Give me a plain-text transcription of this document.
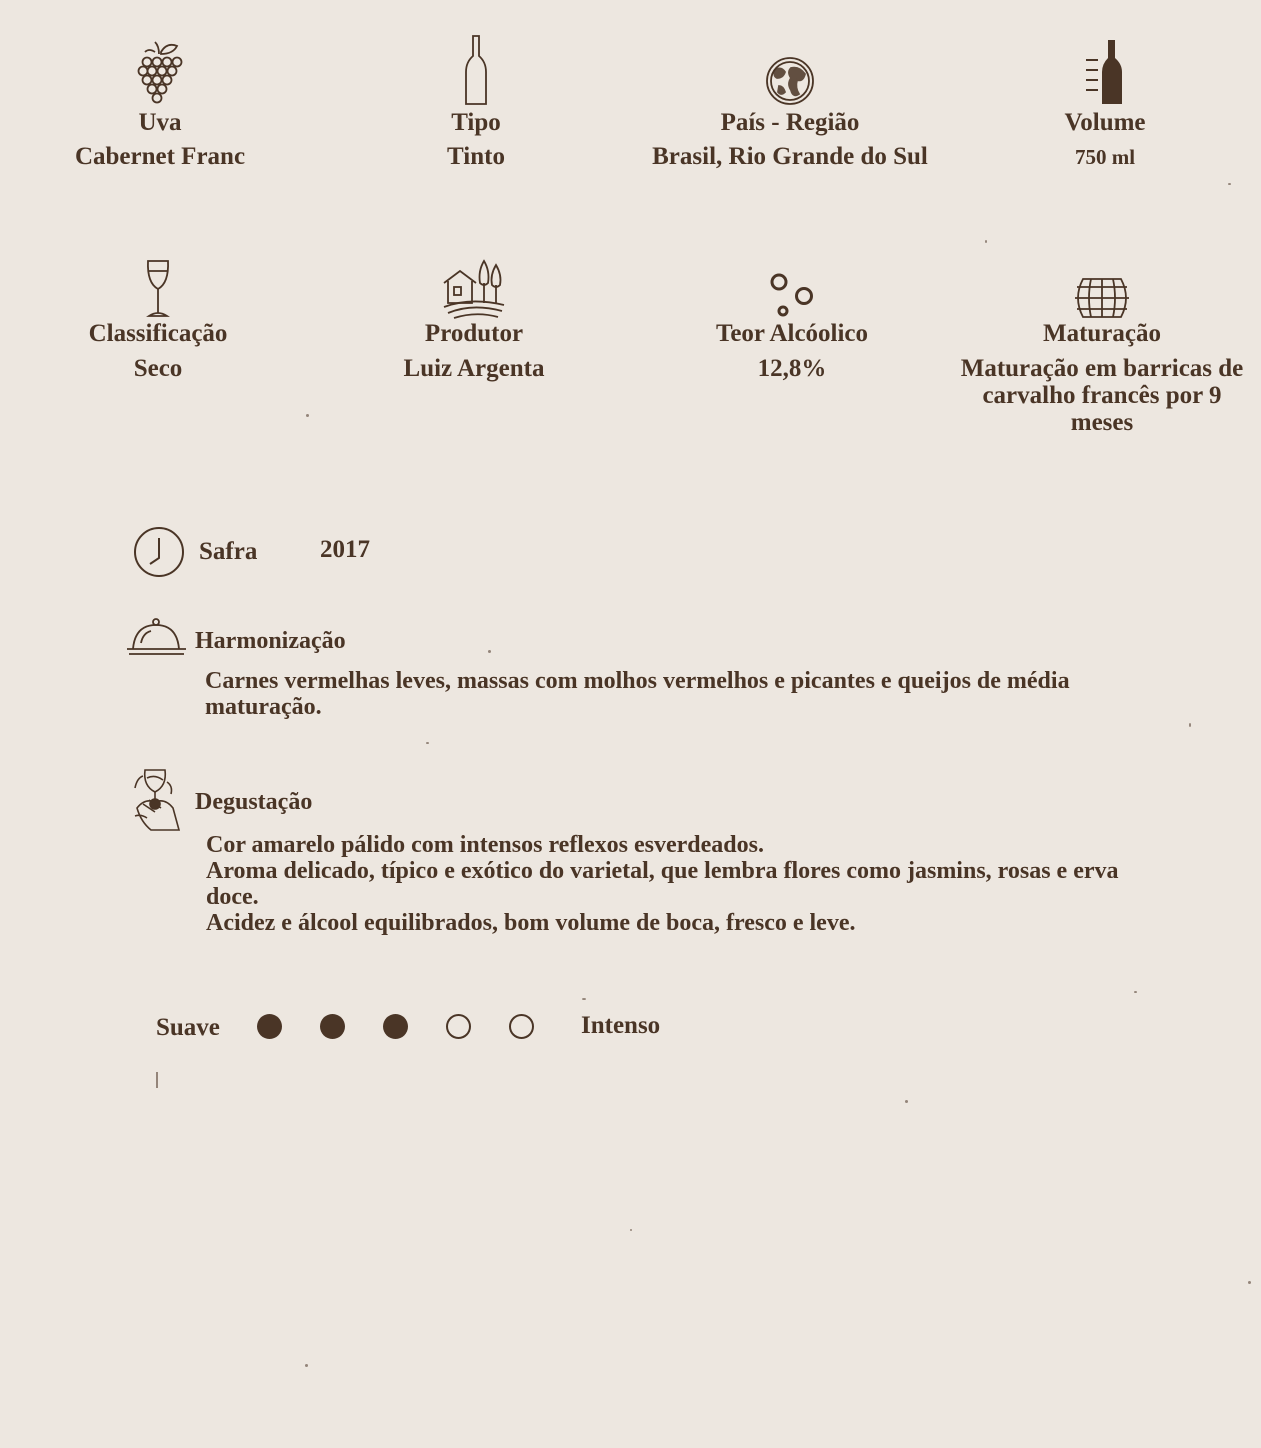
Uva
Cabernet Franc
Tipo
Tinto
País - Região
Brasil, Rio Grande do Sul
Volume
750 ml
Classificação
Seco
Produtor
Luiz Argenta
Teor Alcóolico
12,8%
Maturação
Maturação em barricas de carvalho francês por 9 meses
Safra	2017
Harmonização
Carnes vermelhas leves, massas com molhos vermelhos e picantes e queijos de média maturação.
Degustação
Cor amarelo pálido com intensos reflexos esverdeados.
Aroma delicado, típico e exótico do varietal, que lembra flores como jasmins, rosas e erva doce.
Acidez e álcool equilibrados, bom volume de boca, fresco e leve.
Suave	Intenso
